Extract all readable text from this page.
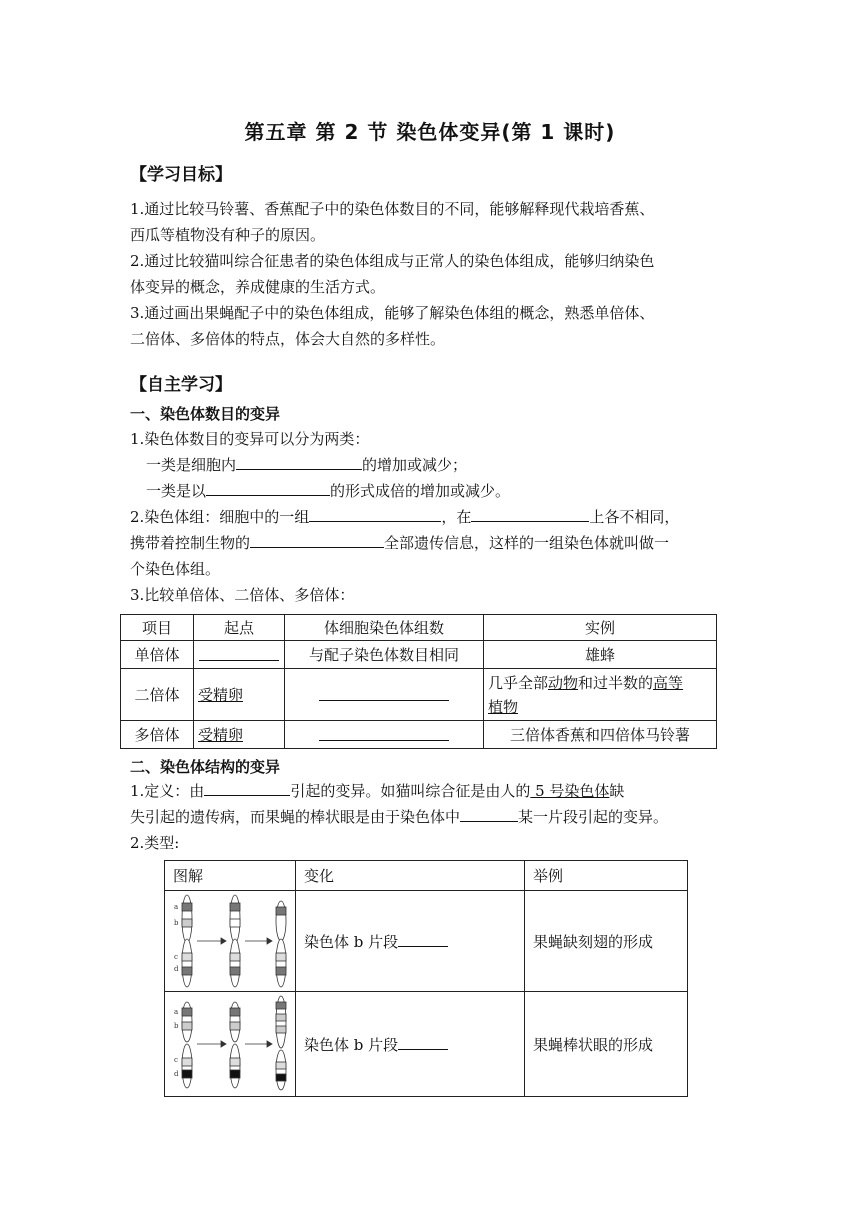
第五章 第 2 节 染色体变异(第 1 课时)
【学习目标】
1.通过比较马铃薯、香蕉配子中的染色体数目的不同，能够解释现代栽培香蕉、
西瓜等植物没有种子的原因。
2.通过比较猫叫综合征患者的染色体组成与正常人的染色体组成，能够归纳染色
体变异的概念，养成健康的生活方式。
3.通过画出果蝇配子中的染色体组成，能够了解染色体组的概念，熟悉单倍体、
二倍体、多倍体的特点，体会大自然的多样性。
【自主学习】
一、染色体数目的变异
1.染色体数目的变异可以分为两类：
一类是细胞内	的增加或减少；
一类是以	的形式成倍的增加或减少。
2.染色体组：细胞中的一组	，在	上各不相同，
携带着控制生物的	全部遗传信息，这样的一组染色体就叫做一
个染色体组。
3.比较单倍体、二倍体、多倍体：
项目	起点	体细胞染色体组数	实例
单倍体		与配子染色体数目相同	雄蜂
二倍体	受精卵		几乎全部动物和过半数的高等
植物
多倍体	受精卵		三倍体香蕉和四倍体马铃薯
二、染色体结构的变异
1.定义：由	引起的变异。如猫叫综合征是由人的 5 号染色体缺
失引起的遗传病，而果蝇的棒状眼是由于染色体中	某一片段引起的变异。
2.类型:
图解	变化	举例

a
b
c
d	染色体 b 片段	果蝇缺刻翅的形成

a
b
c
d	染色体 b 片段	果蝇棒状眼的形成
